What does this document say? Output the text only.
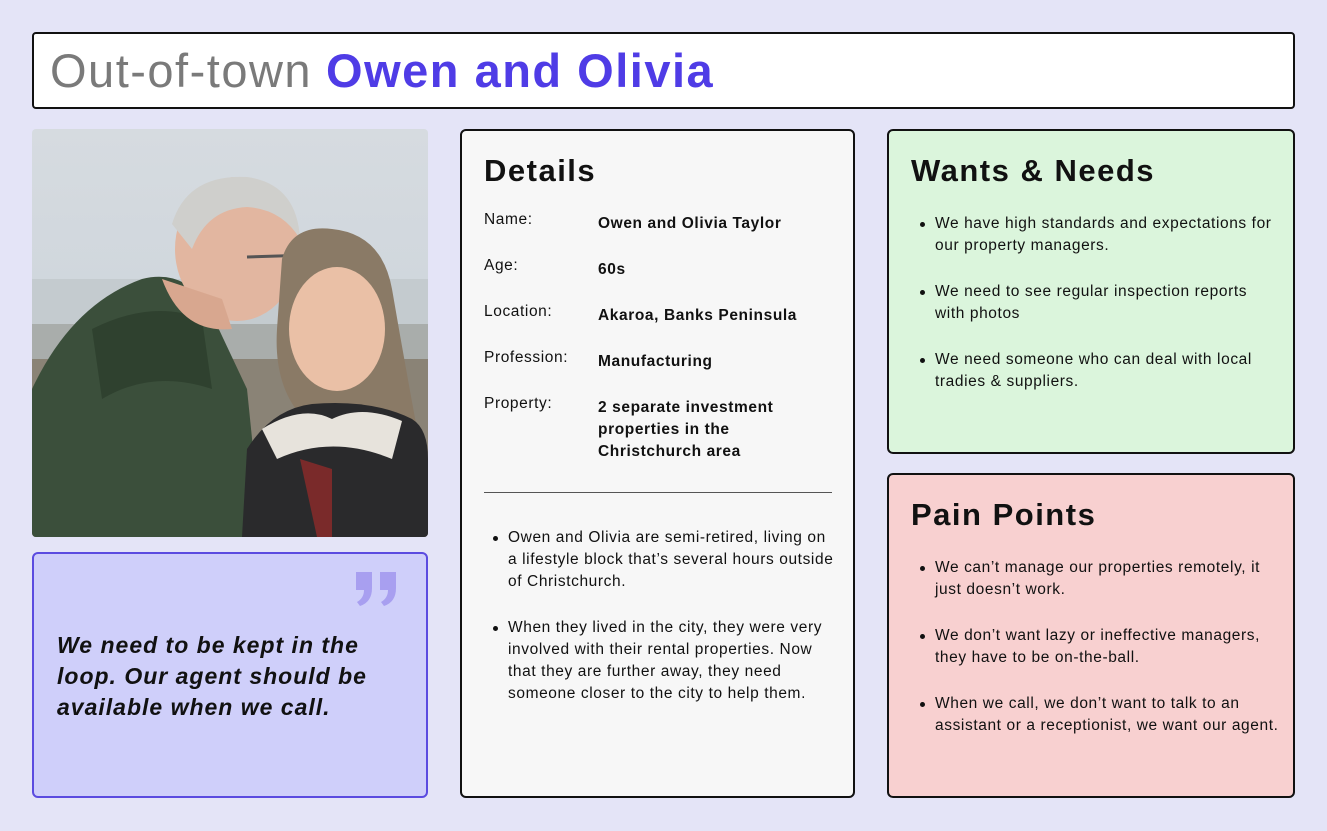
Out-of-town Owen and Olivia
We need to be kept in the loop. Our agent should be available when we call.
Details
Name:	Owen and Olivia Taylor
Age:	60s
Location:	Akaroa, Banks Peninsula
Profession: Manufacturing
Property:	2 separate investment properties in the Christchurch area
Owen and Olivia are semi-retired, living on a lifestyle block that’s several hours outside of Christchurch.
When they lived in the city, they were very involved with their rental properties. Now that they are further away, they need someone closer to the city to help them.
Wants & Needs
We have high standards and expectations for our property managers.
We need to see regular inspection reports with photos
We need someone who can deal with local tradies & suppliers.
Pain Points
We can’t manage our properties remotely, it just doesn’t work.
We don’t want lazy or ineffective managers, they have to be on-the-ball.
When we call, we don’t want to talk to an assistant or a receptionist, we want our agent.
